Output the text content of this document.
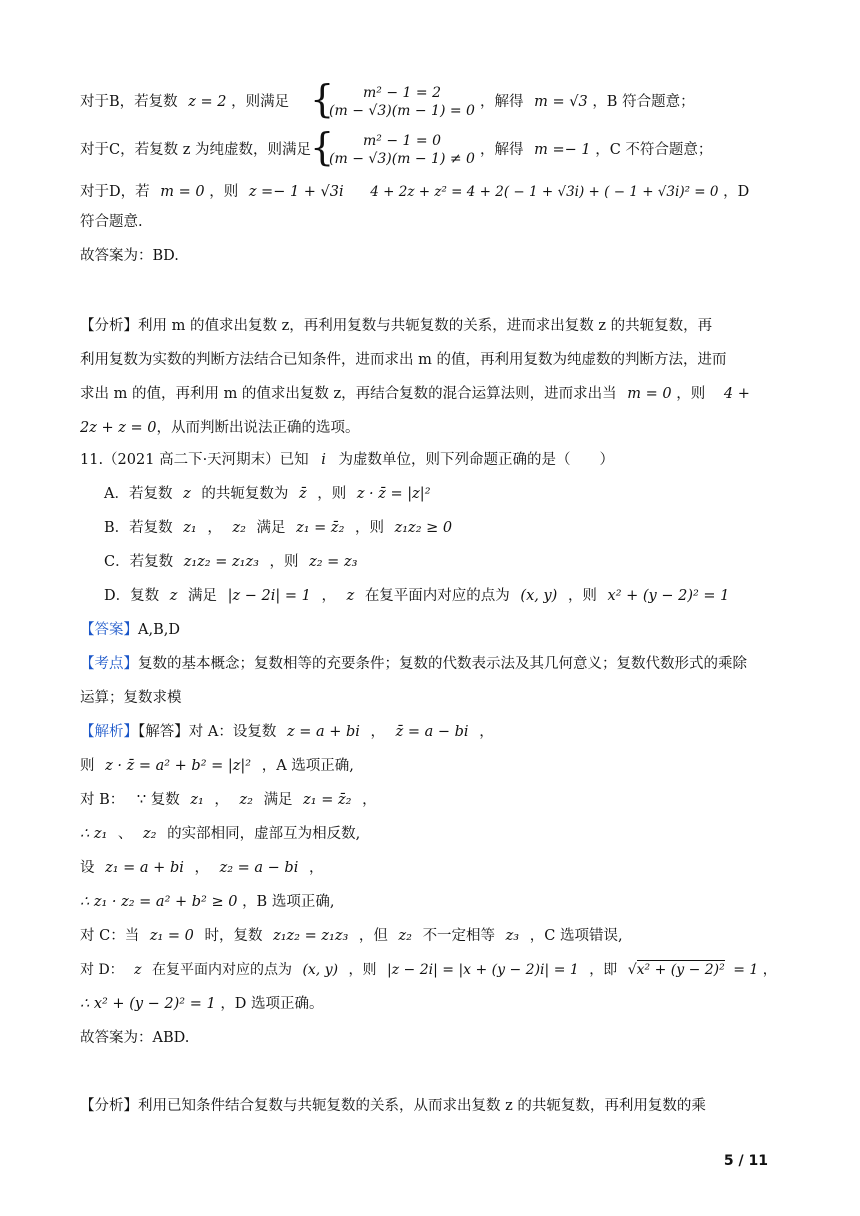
对于B，若复数 z = 2 ，则满足 {	m² − 1 = 2
(m − √3)(m − 1) = 0
，解得 m = √3 ，B 符合题意；
对于C，若复数 z 为纯虚数，则满足 {	m² − 1 = 0
(m − √3)(m − 1) ≠ 0
，解得 m =− 1 ，C 不符合题意；
对于D，若 m = 0 ，则 z =− 1 + √3i 4 + 2z + z² = 4 + 2( − 1 + √3i) + ( − 1 + √3i)² = 0 ，D
符合题意.
故答案为：BD.
【分析】利用 m 的值求出复数 z，再利用复数与共轭复数的关系，进而求出复数 z 的共轭复数，再
利用复数为实数的判断方法结合已知条件，进而求出 m 的值，再利用复数为纯虚数的判断方法，进而
求出 m 的值，再利用 m 的值求出复数 z，再结合复数的混合运算法则，进而求出当 m = 0 ，则 4 +
2z + z = 0，从而判断出说法正确的选项。
11.（2021 高二下·天河期末）已知 i 为虚数单位，则下列命题正确的是（　　）
A．若复数 z 的共轭复数为 z̄ ，则 z · z̄ = |z|²
B．若复数 z₁ ， z₂ 满足 z₁ = z̄₂ ，则 z₁z₂ ≥ 0
C．若复数 z₁z₂ = z₁z₃ ，则 z₂ = z₃
D．复数 z 满足 |z − 2i| = 1 ， z 在复平面内对应的点为 (x, y) ，则 x² + (y − 2)² = 1
【答案】A,B,D
【考点】复数的基本概念；复数相等的充要条件；复数的代数表示法及其几何意义；复数代数形式的乘除
运算；复数求模
【解析】【解答】对 A：设复数 z = a + bi ， z̄ = a − bi ，
则 z · z̄ = a² + b² = |z|² ，A 选项正确,
对 B： ∵ 复数 z₁ ， z₂ 满足 z₁ = z̄₂ ，
∴ z₁ 、 z₂ 的实部相同，虚部互为相反数,
设 z₁ = a + bi ， z₂ = a − bi ，
∴ z₁ · z₂ = a² + b² ≥ 0 ，B 选项正确,
对 C：当 z₁ = 0 时，复数 z₁z₂ = z₁z₃ ，但 z₂ 不一定相等 z₃ ，C 选项错误,
对 D： z 在复平面内对应的点为 (x, y) ，则 |z − 2i| = |x + (y − 2)i| = 1 ，即 √x² + (y − 2)² = 1 ，
∴ x² + (y − 2)² = 1 ，D 选项正确。
故答案为：ABD.
【分析】利用已知条件结合复数与共轭复数的关系，从而求出复数 z 的共轭复数，再利用复数的乘
5 / 11
